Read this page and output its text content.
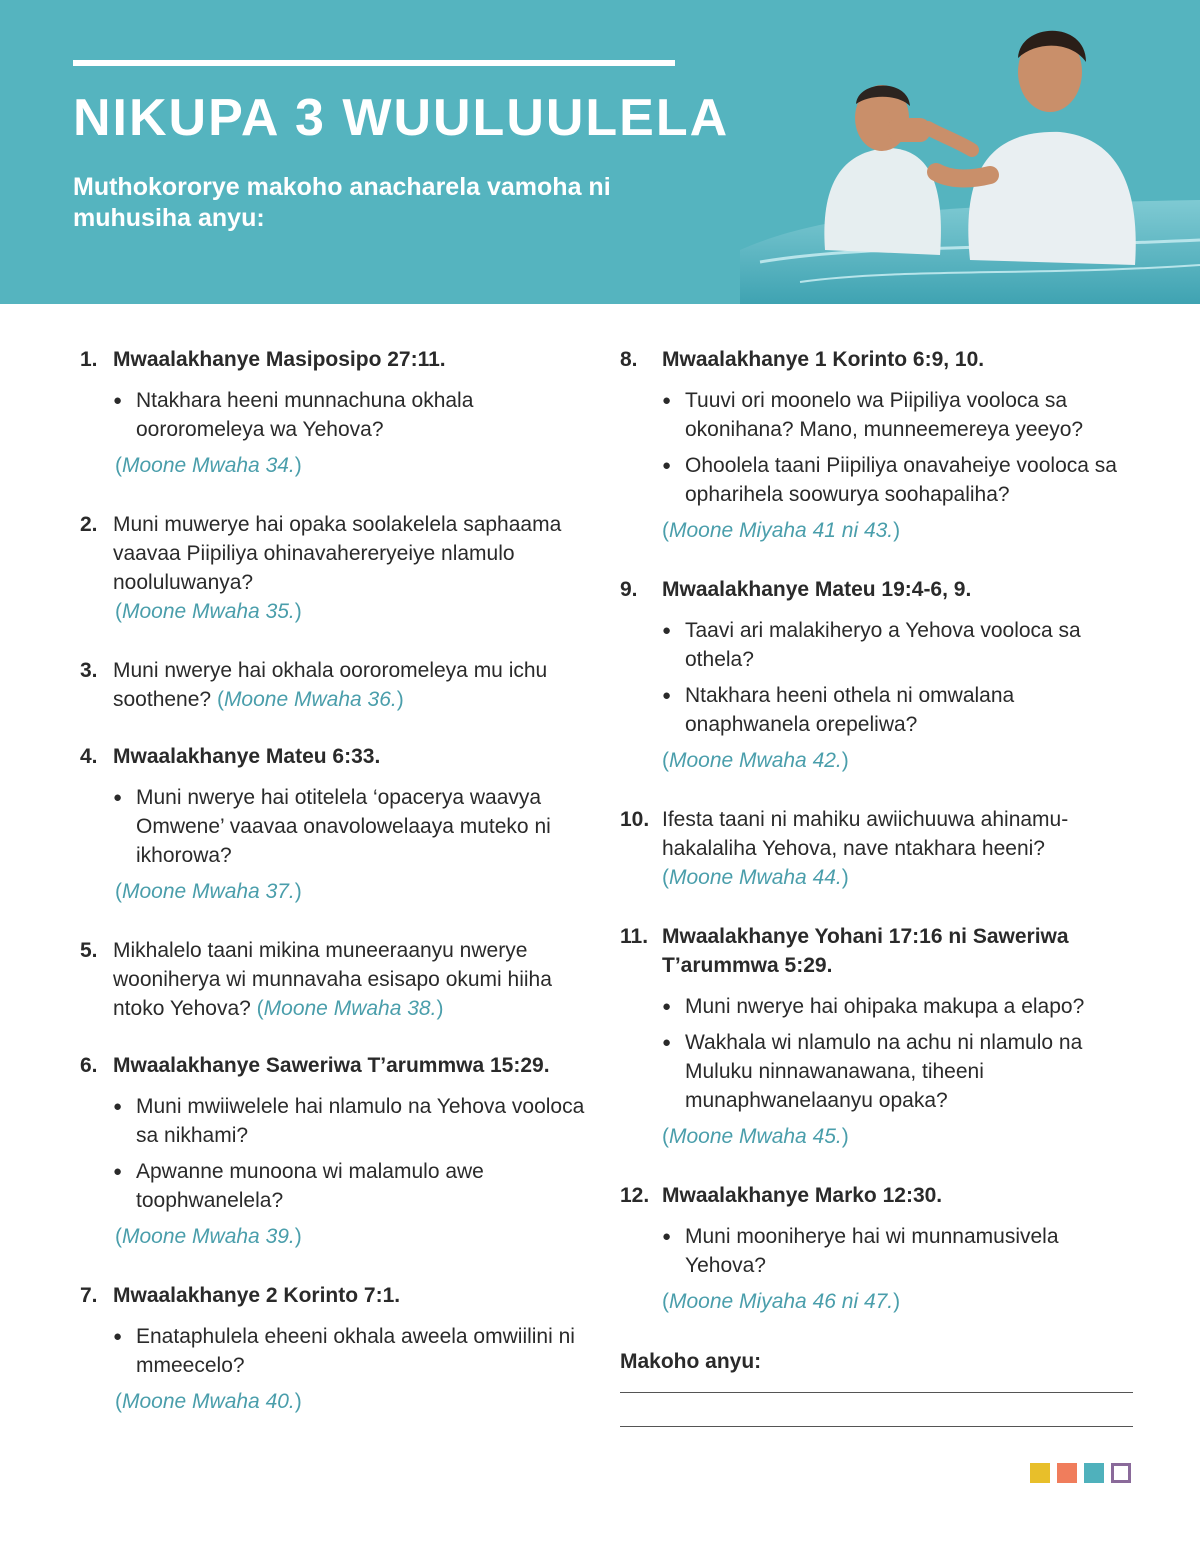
NIKUPA 3 WUULUULELA

Muthokororye makoho anacharela vamoha ni muhusiha anyu:

1. Mwaalakhanye Masiposipo 27:11.
● Ntakhara heeni munnachuna okhala oororomeleya wa Yehova?
(Moone Mwaha 34.)
2. Muni muwerye hai opaka soolakelela saphaama vaavaa Piipiliya ohinavahereryeiye nlamulo nooluluwanya?
(Moone Mwaha 35.)
3. Muni nwerye hai okhala oororomeleya mu ichu soothene? (Moone Mwaha 36.)
4. Mwaalakhanye Mateu 6:33.
● Muni nwerye hai otitelela ‘opacerya waavya Omwene’ vaavaa onavolowelaaya muteko ni ikhorowa?
(Moone Mwaha 37.)
5. Mikhalelo taani mikina muneeraanyu nwerye wooniherya wi munnavaha esisapo okumi hiiha ntoko Yehova? (Moone Mwaha 38.)
6. Mwaalakhanye Saweriwa T’arummwa 15:29.
● Muni mwiiwelele hai nlamulo na Yehova vooloca sa nikhami?
● Apwanne munoona wi malamulo awe toophwanelela?
(Moone Mwaha 39.)
7. Mwaalakhanye 2 Korinto 7:1.
● Enataphulela eheeni okhala aweela omwiilini ni mmeecelo?
(Moone Mwaha 40.)
8.	Mwaalakhanye 1 Korinto 6:9, 10.
● Tuuvi ori moonelo wa Piipiliya vooloca sa okonihana? Mano, munneemereya yeeyo?
● Ohoolela taani Piipiliya onavaheiye vooloca sa opharihela soowurya soohapaliha?
(Moone Miyaha 41 ni 43.)
9.	Mwaalakhanye Mateu 19:4-6, 9.
● Taavi ari malakiheryo a Yehova vooloca sa othela?
● Ntakhara heeni othela ni omwalana onaphwanela orepeliwa?
(Moone Mwaha 42.)
10. Ifesta taani ni mahiku awiichuuwa ahinamuhakalaliha Yehova, nave ntakhara heeni?
(Moone Mwaha 44.)
11. Mwaalakhanye Yohani 17:16 ni Saweriwa T’arummwa 5:29.
● Muni nwerye hai ohipaka makupa a elapo?
● Wakhala wi nlamulo na achu ni nlamulo na Muluku ninnawanawana, tiheeni munaphwanelaanyu opaka?
(Moone Mwaha 45.)
12. Mwaalakhanye Marko 12:30.
● Muni mooniherye hai wi munnamusivela Yehova?
(Moone Miyaha 46 ni 47.)

Makoho anyu:
